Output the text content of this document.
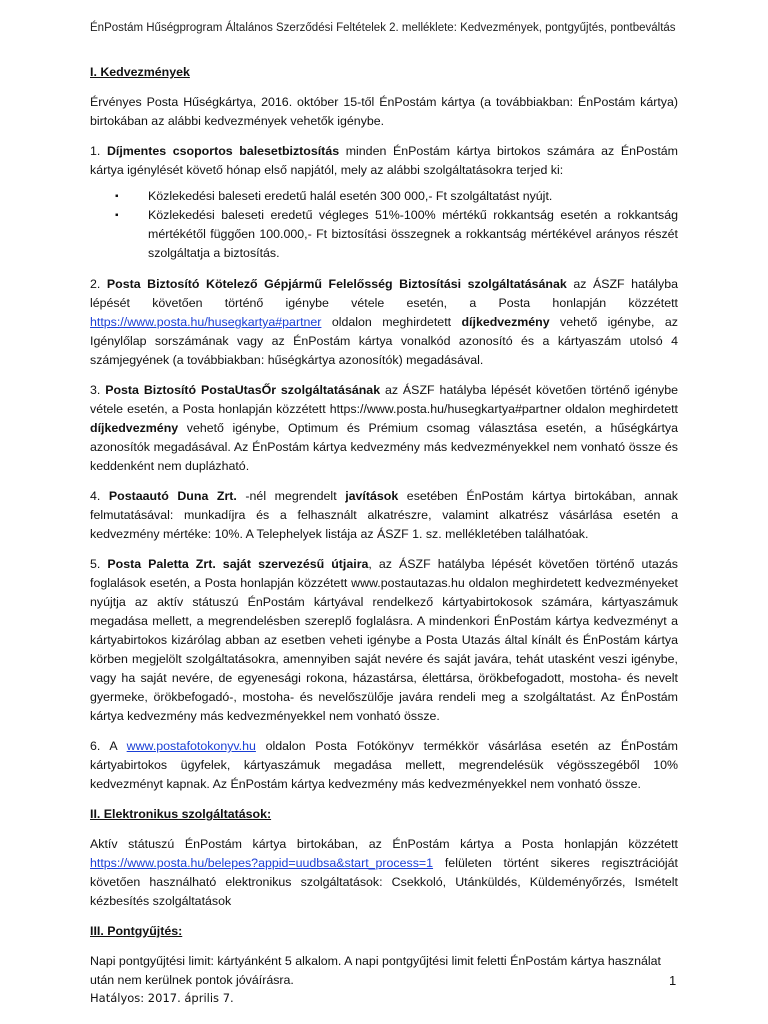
ÉnPostám Hűségprogram Általános Szerződési Feltételek 2. melléklete: Kedvezmények, pontgyűjtés, pontbeváltás

I. Kedvezmények

Érvényes Posta Hűségkártya, 2016. október 15-től ÉnPostám kártya (a továbbiakban: ÉnPostám kártya) birtokában az alábbi kedvezmények vehetők igénybe.

1. Díjmentes csoportos balesetbiztosítás minden ÉnPostám kártya birtokos számára az ÉnPostám kártya igénylését követő hónap első napjától, mely az alábbi szolgáltatásokra terjed ki:

▪ Közlekedési baleseti eredetű halál esetén 300 000,- Ft szolgáltatást nyújt.
▪ Közlekedési baleseti eredetű végleges 51%-100% mértékű rokkantság esetén a rokkantság mértékétől függően 100.000,- Ft biztosítási összegnek a rokkantság mértékével arányos részét szolgáltatja a biztosítás.

2. Posta Biztosító Kötelező Gépjármű Felelősség Biztosítási szolgáltatásának az ÁSZF hatályba lépését követően történő igénybe vétele esetén, a Posta honlapján közzétett https://www.posta.hu/husegkartya#partner oldalon meghirdetett díjkedvezmény vehető igénybe, az Igénylőlap sorszámának vagy az ÉnPostám kártya vonalkód azonosító és a kártyaszám utolsó 4 számjegyének (a továbbiakban: hűségkártya azonosítók) megadásával.

3. Posta Biztosító PostaUtasŐr szolgáltatásának az ÁSZF hatályba lépését követően történő igénybe vétele esetén, a Posta honlapján közzétett https://www.posta.hu/husegkartya#partner oldalon meghirdetett díjkedvezmény vehető igénybe, Optimum és Prémium csomag választása esetén, a hűségkártya azonosítók megadásával. Az ÉnPostám kártya kedvezmény más kedvezményekkel nem vonható össze és keddenként nem duplázható.

4. Postaautó Duna Zrt. -nél megrendelt javítások esetében ÉnPostám kártya birtokában, annak felmutatásával: munkadíjra és a felhasznált alkatrészre, valamint alkatrész vásárlása esetén a kedvezmény mértéke: 10%. A Telephelyek listája az ÁSZF 1. sz. mellékletében találhatóak.

5. Posta Paletta Zrt. saját szervezésű útjaira, az ÁSZF hatályba lépését követően történő utazás foglalások esetén, a Posta honlapján közzétett www.postautazas.hu oldalon meghirdetett kedvezményeket nyújtja az aktív státuszú ÉnPostám kártyával rendelkező kártyabirtokosok számára, kártyaszámuk megadása mellett, a megrendelésben szereplő foglalásra. A mindenkori ÉnPostám kártya kedvezményt a kártyabirtokos kizárólag abban az esetben veheti igénybe a Posta Utazás által kínált és ÉnPostám kártya körben megjelölt szolgáltatásokra, amennyiben saját nevére és saját javára, tehát utasként veszi igénybe, vagy ha saját nevére, de egyenesági rokona, házastársa, élettársa, örökbefogadott, mostoha- és nevelt gyermeke, örökbefogadó-, mostoha- és nevelőszülője javára rendeli meg a szolgáltatást. Az ÉnPostám kártya kedvezmény más kedvezményekkel nem vonható össze.

6. A www.postafotokonyv.hu oldalon Posta Fotókönyv termékkör vásárlása esetén az ÉnPostám kártyabirtokos ügyfelek, kártyaszámuk megadása mellett, megrendelésük végösszegéből 10% kedvezményt kapnak. Az ÉnPostám kártya kedvezmény más kedvezményekkel nem vonható össze.

II. Elektronikus szolgáltatások:

Aktív státuszú ÉnPostám kártya birtokában, az ÉnPostám kártya a Posta honlapján közzétett https://www.posta.hu/belepes?appid=uudbsa&start_process=1 felületen történt sikeres regisztrációját követően használható elektronikus szolgáltatások: Csekkoló, Utánküldés, Küldeményőrzés, Ismételt kézbesítés szolgáltatások

III. Pontgyűjtés:

Napi pontgyűjtési limit: kártyánként 5 alkalom. A napi pontgyűjtési limit feletti ÉnPostám kártya használat után nem kerülnek pontok jóváírásra.	1
Hatályos: 2017. április 7.
